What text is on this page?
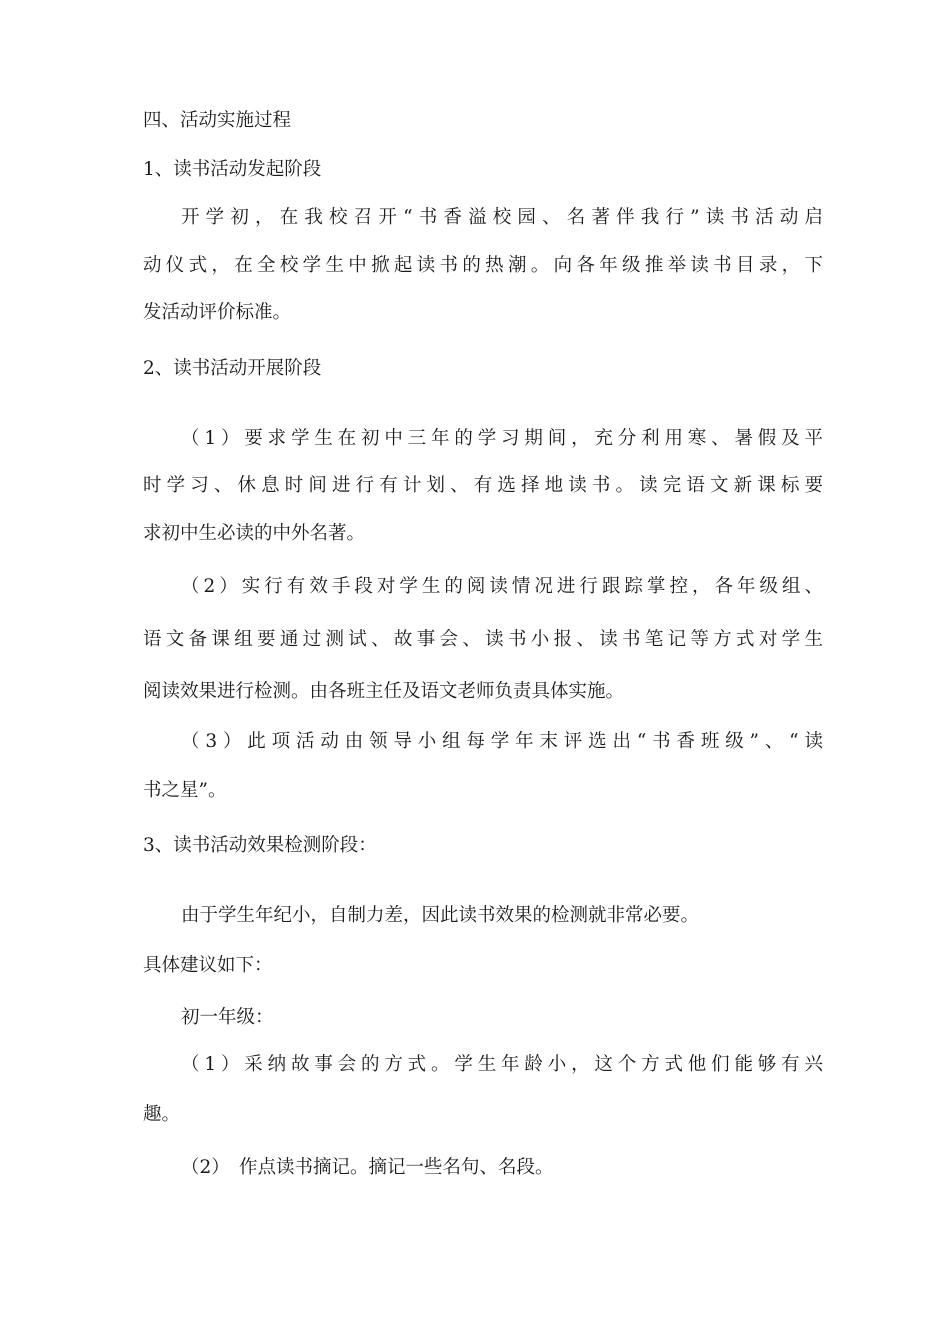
四、活动实施过程
1、读书活动发起阶段
开学初，在我校召开“书香溢校园、名著伴我行”读书活动启
动仪式，在全校学生中掀起读书的热潮。向各年级推举读书目录，下
发活动评价标准。
2、读书活动开展阶段
（1）要求学生在初中三年的学习期间，充分利用寒、暑假及平
时学习、休息时间进行有计划、有选择地读书。读完语文新课标要
求初中生必读的中外名著。
（2）实行有效手段对学生的阅读情况进行跟踪掌控，各年级组、
语文备课组要通过测试、故事会、读书小报、读书笔记等方式对学生
阅读效果进行检测。由各班主任及语文老师负责具体实施。
（3）此项活动由领导小组每学年末评选出“书香班级”、“读
书之星”。
3、读书活动效果检测阶段：
由于学生年纪小，自制力差，因此读书效果的检测就非常必要。
具体建议如下：
初一年级：
（1）采纳故事会的方式。学生年龄小，这个方式他们能够有兴
趣。
（2）　作点读书摘记。摘记一些名句、名段。
